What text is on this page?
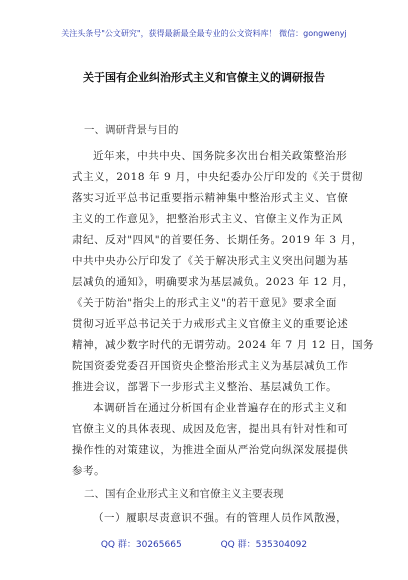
关注头条号"公文研究"，获得最新最全最专业的公文资料库！ 微信：gongwenyj
关于国有企业纠治形式主义和官僚主义的调研报告
一、调研背景与目的

近年来，中共中央、国务院多次出台相关政策整治形

式主义，2018 年 9 月，中央纪委办公厅印发的《关于贯彻

落实习近平总书记重要指示精神集中整治形式主义、官僚

主义的工作意见》，把整治形式主义、官僚主义作为正风

肃纪、反对"四风"的首要任务、长期任务。2019 年 3 月，

中共中央办公厅印发了《关于解决形式主义突出问题为基

层减负的通知》，明确要求为基层减负。2023 年 12 月，

《关于防治"指尖上的形式主义"的若干意见》要求全面

贯彻习近平总书记关于力戒形式主义官僚主义的重要论述

精神，减少数字时代的无谓劳动。2024 年 7 月 12 日，国务

院国资委党委召开国资央企整治形式主义为基层减负工作

推进会议，部署下一步形式主义整治、基层减负工作。

本调研旨在通过分析国有企业普遍存在的形式主义和

官僚主义的具体表现、成因及危害，提出具有针对性和可

操作性的对策建议，为推进全面从严治党向纵深发展提供

参考。

二、国有企业形式主义和官僚主义主要表现

（一）履职尽责意识不强。有的管理人员作风散漫，

QQ 群：30265665	QQ 群：535304092
